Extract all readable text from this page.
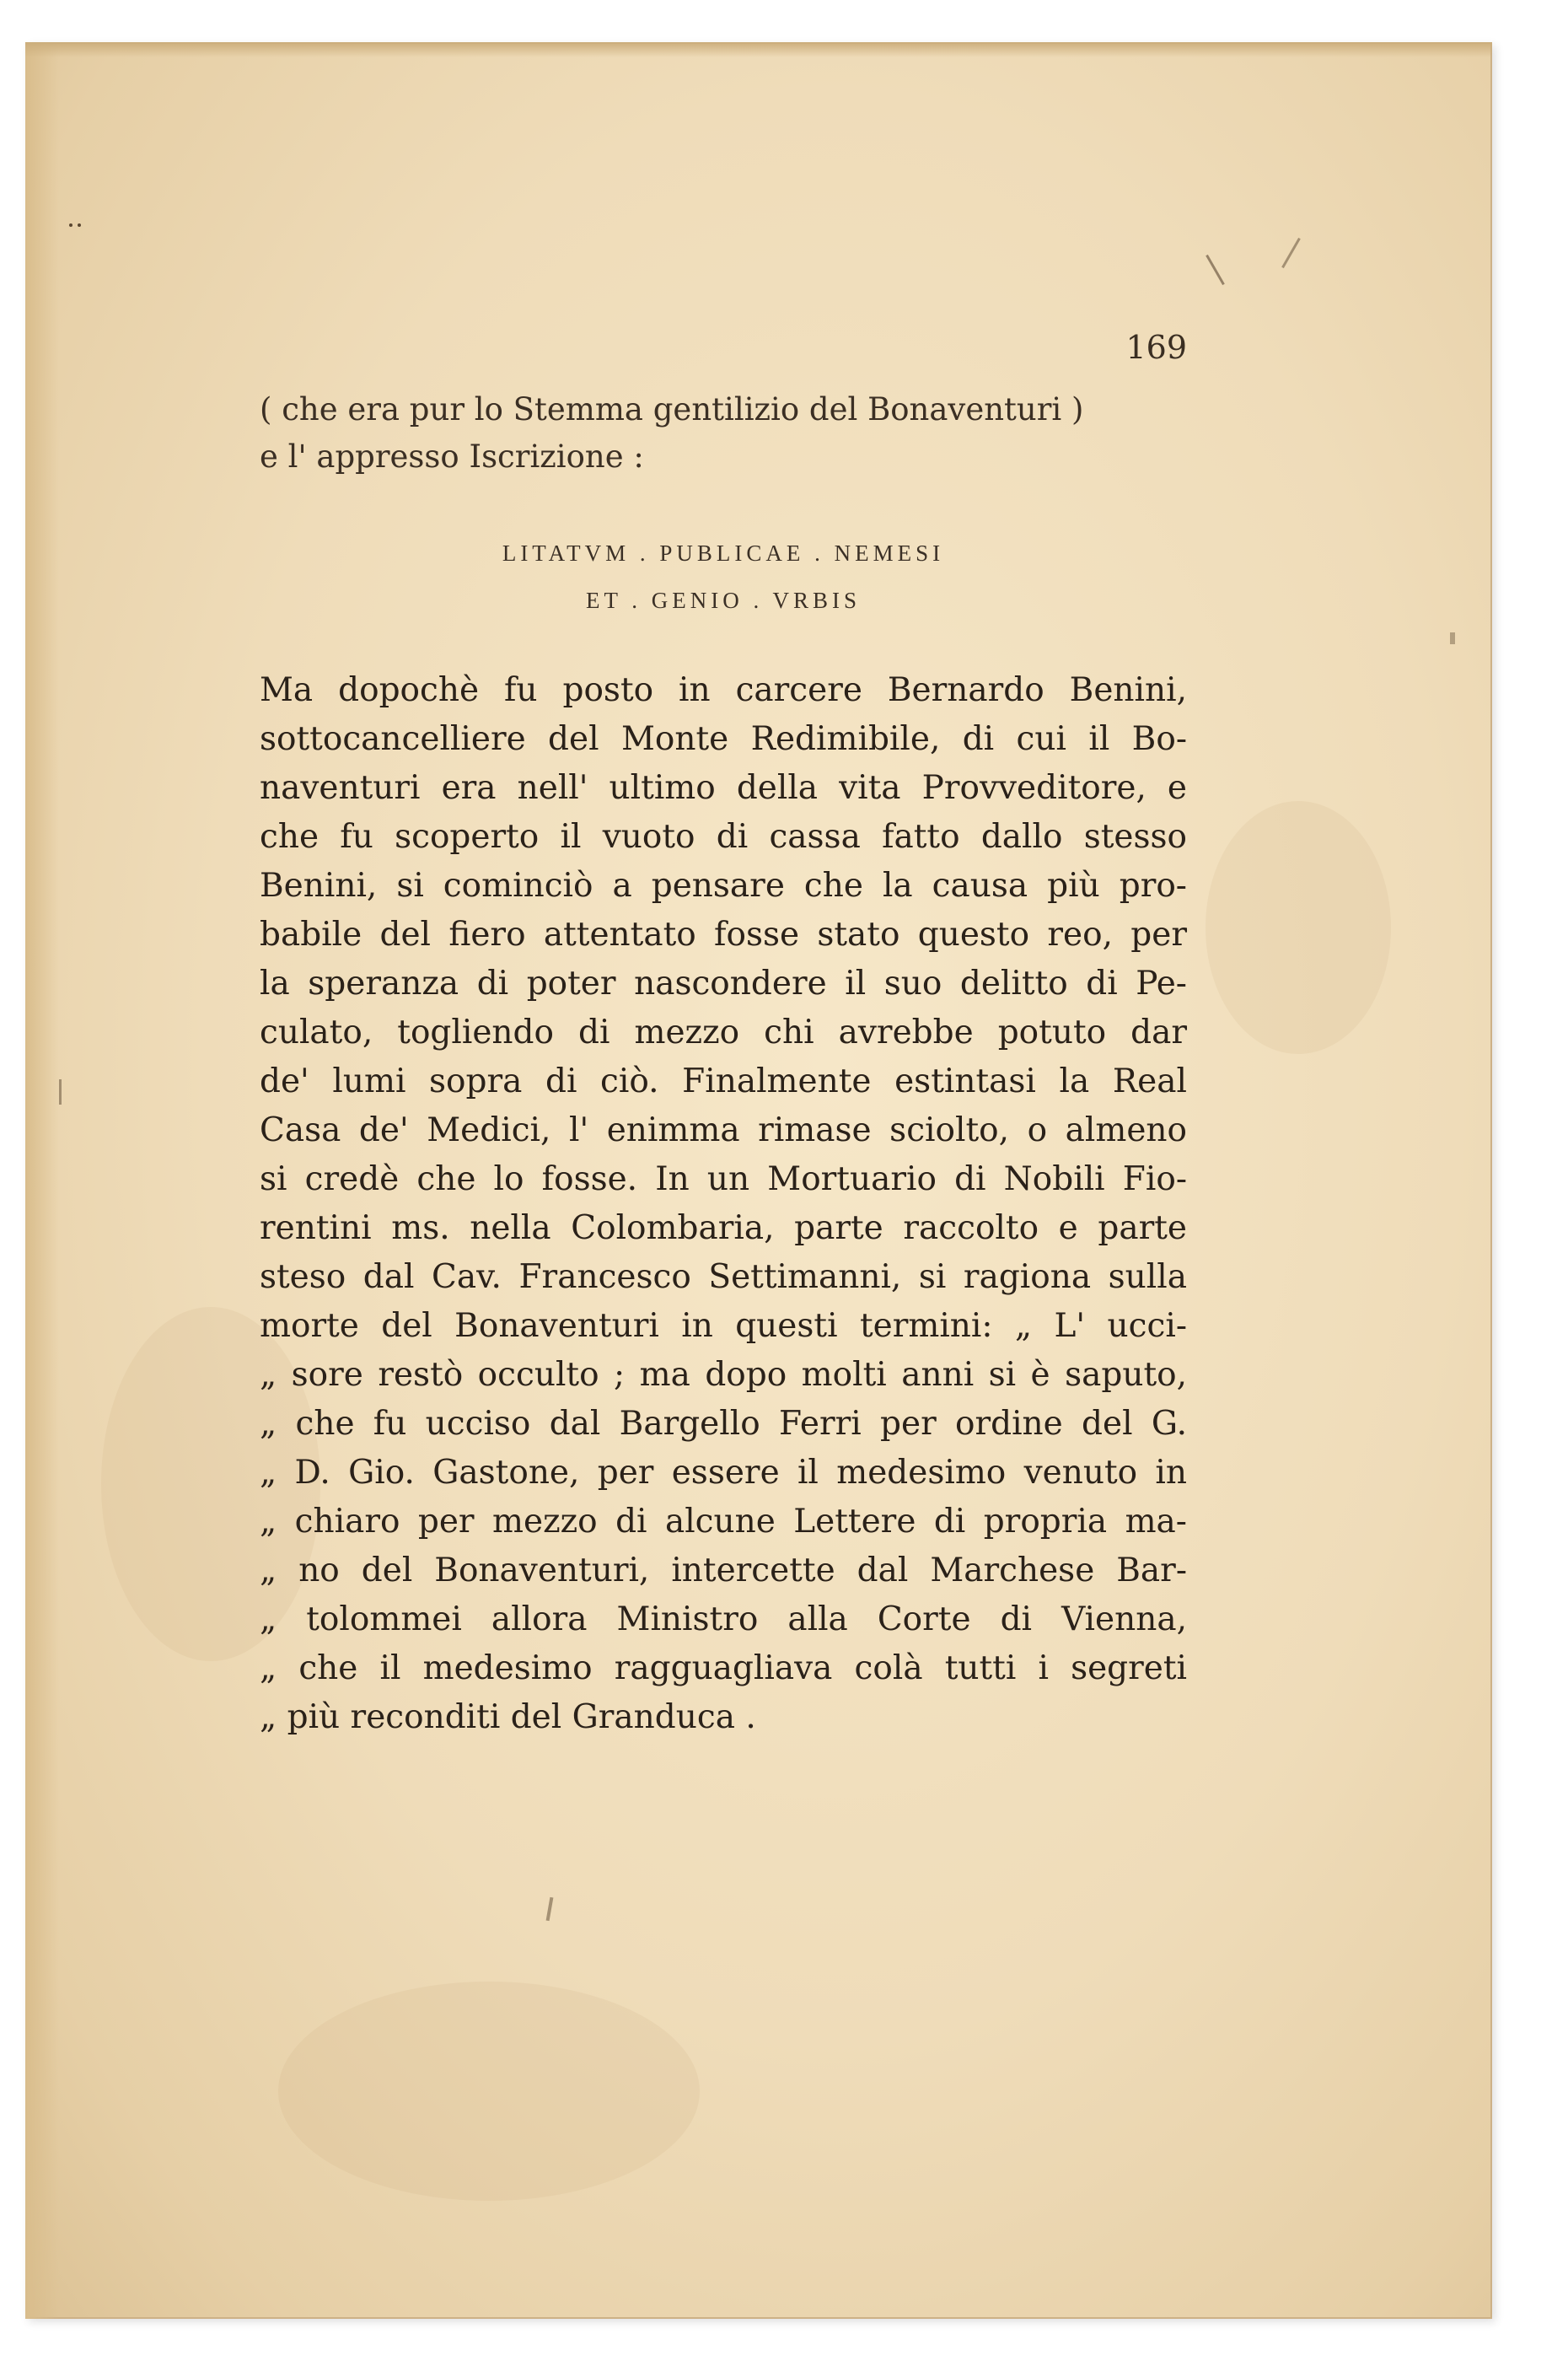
169
( che era pur lo Stemma gentilizio del Bonaventuri )
e l' appresso Iscrizione :
LITATVM . PUBLICAE . NEMESI
ET . GENIO . VRBIS
Ma dopochè fu posto in carcere Bernardo Benini,
sottocancelliere del Monte Redimibile, di cui il Bo-
naventuri era nell' ultimo della vita Provveditore, e
che fu scoperto il vuoto di cassa fatto dallo stesso
Benini, si cominciò a pensare che la causa più pro-
babile del fiero attentato fosse stato questo reo, per
la speranza di poter nascondere il suo delitto di Pe-
culato, togliendo di mezzo chi avrebbe potuto dar
de' lumi sopra di ciò. Finalmente estintasi la Real
Casa de' Medici, l' enimma rimase sciolto, o almeno
si credè che lo fosse. In un Mortuario di Nobili Fio-
rentini ms. nella Colombaria, parte raccolto e parte
steso dal Cav. Francesco Settimanni, si ragiona sulla
morte del Bonaventuri in questi termini: „ L' ucci-
„ sore restò occulto ; ma dopo molti anni si è saputo,
„ che fu ucciso dal Bargello Ferri per ordine del G.
„ D. Gio. Gastone, per essere il medesimo venuto in
„ chiaro per mezzo di alcune Lettere di propria ma-
„ no del Bonaventuri, intercette dal Marchese Bar-
„ tolommei allora Ministro alla Corte di Vienna,
„ che il medesimo ragguagliava colà tutti i segreti
„ più reconditi del Granduca .
